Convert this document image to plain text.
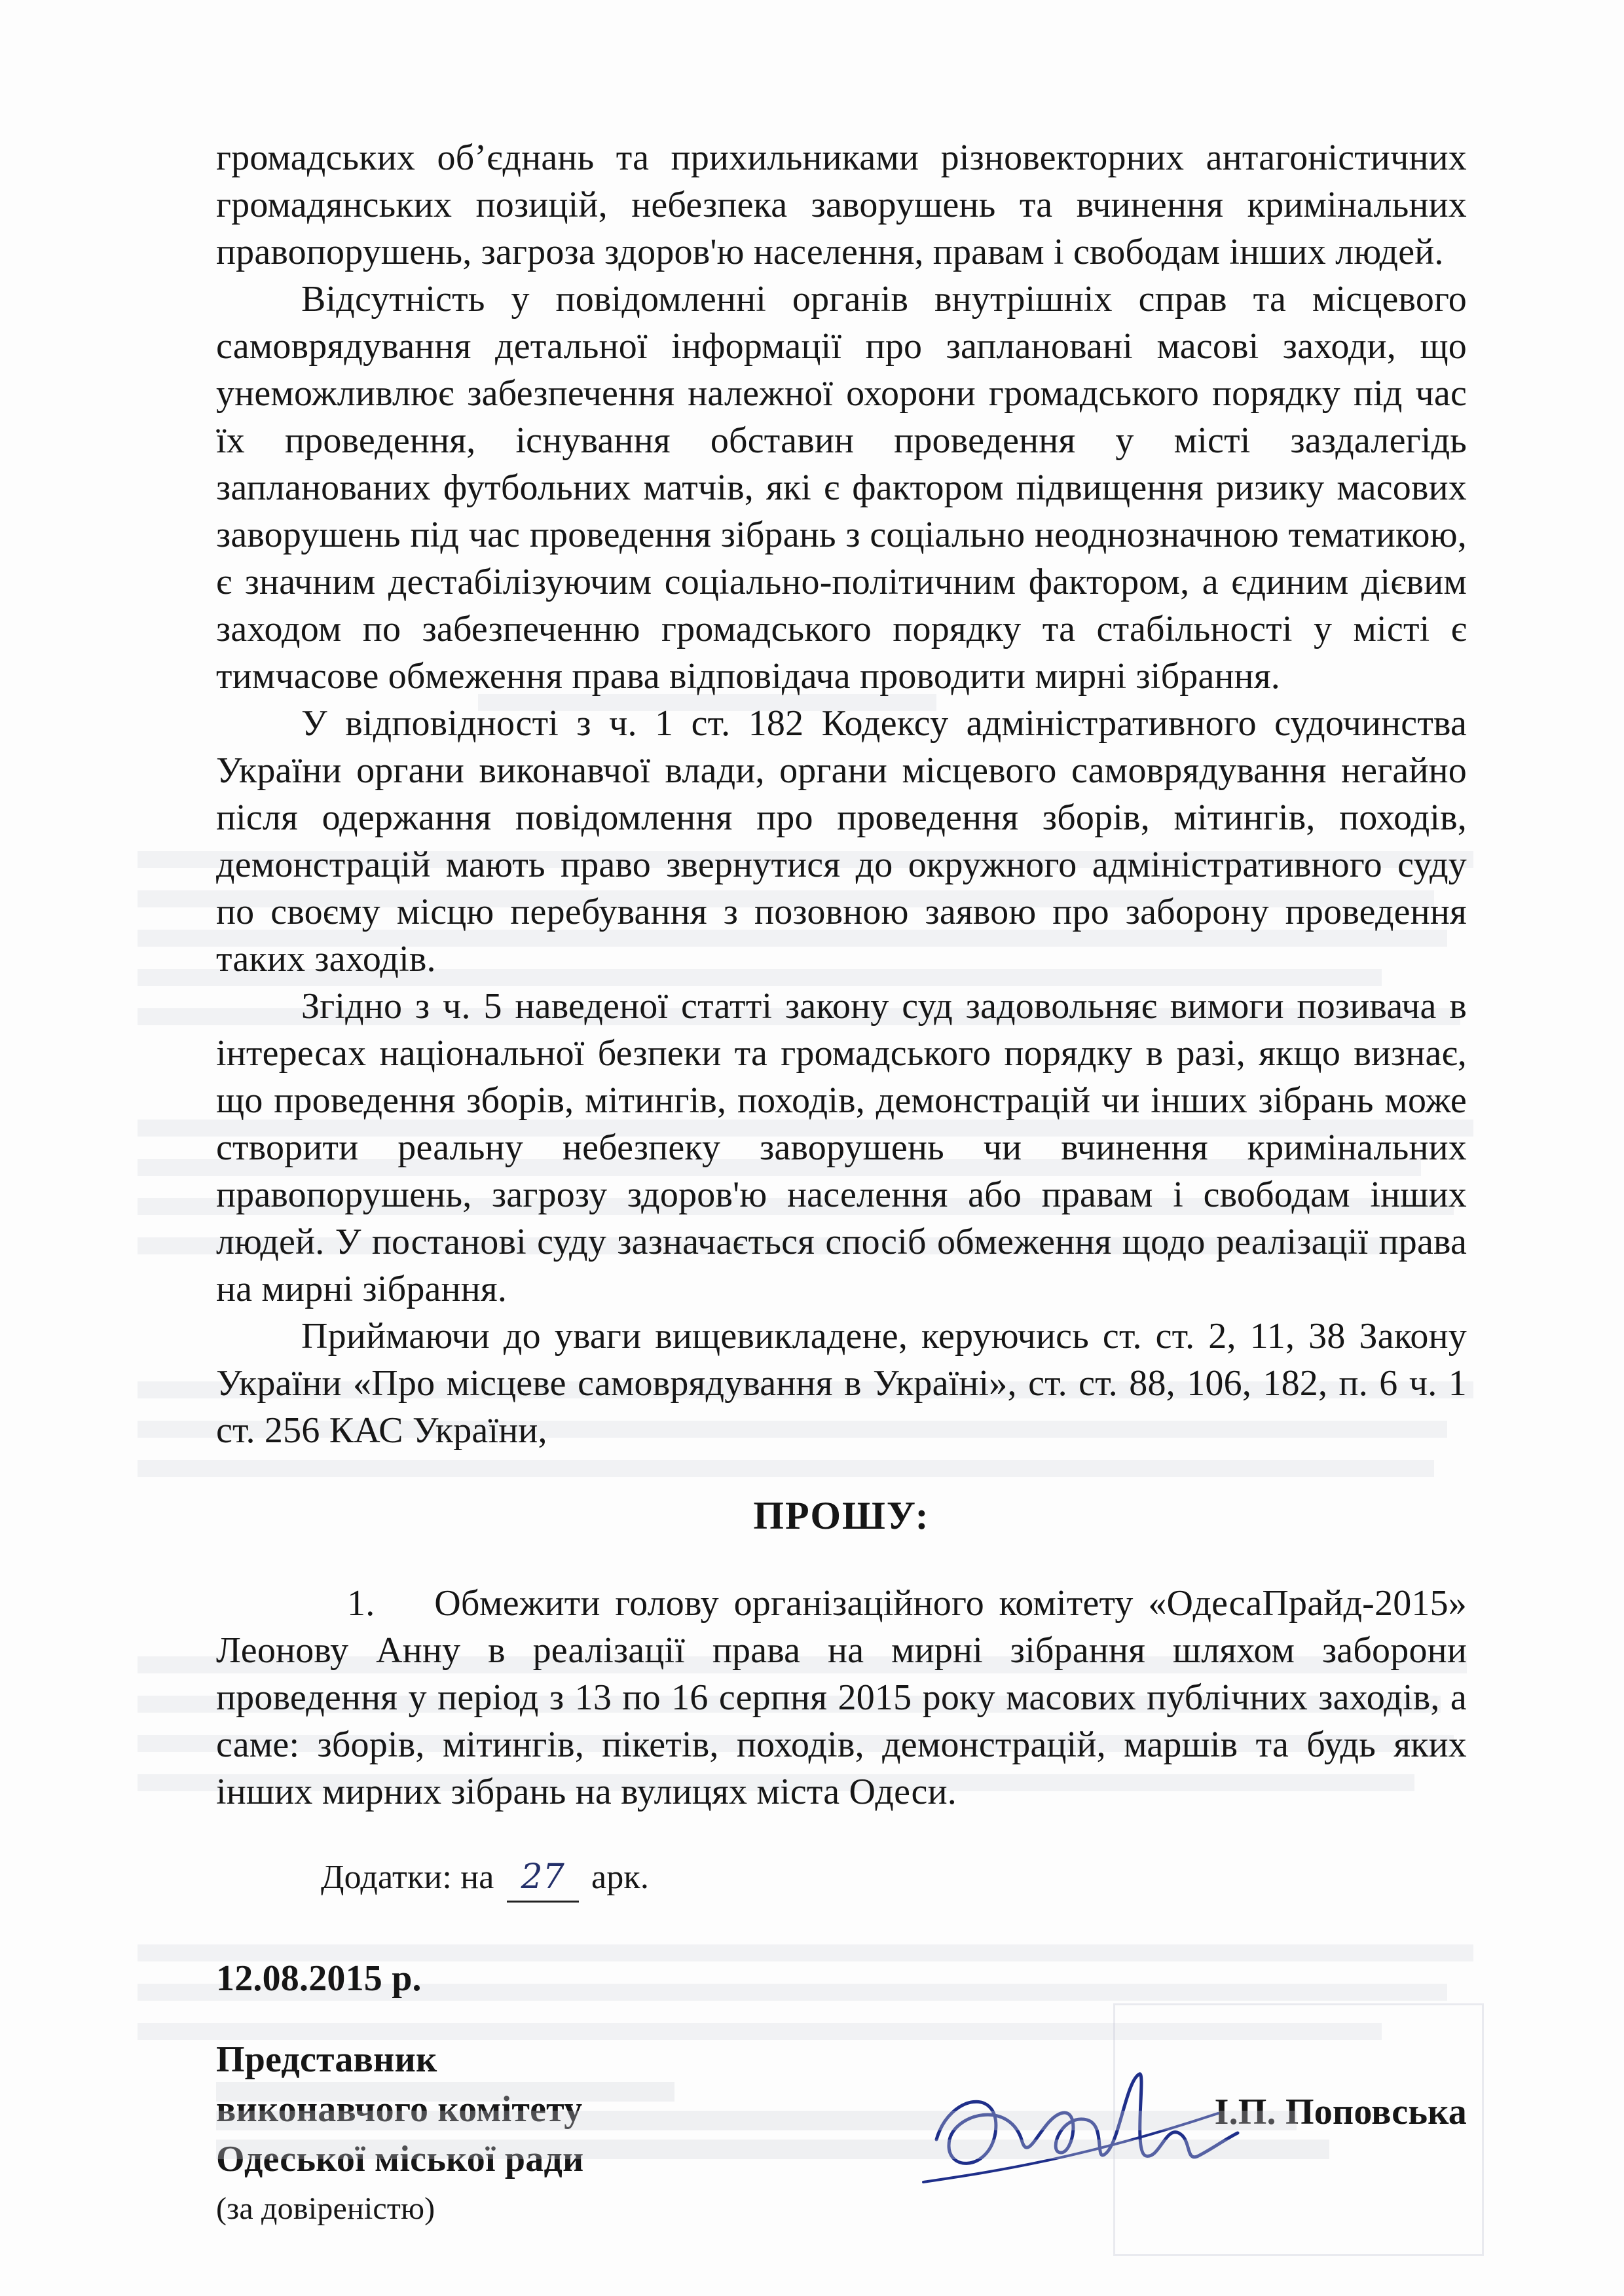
громадських об’єднань та прихильниками різновекторних антагоністичних громадянських позицій, небезпека заворушень та вчинення кримінальних правопорушень, загроза здоров'ю населення, правам і свободам інших людей.

Відсутність у повідомленні органів внутрішніх справ та місцевого самоврядування детальної інформації про заплановані масові заходи, що унеможливлює забезпечення належної охорони громадського порядку під час їх проведення, існування обставин проведення у місті заздалегідь запланованих футбольних матчів, які є фактором підвищення ризику масових заворушень під час проведення зібрань з соціально неоднозначною тематикою, є значним дестабілізуючим соціально-політичним фактором, а єдиним дієвим заходом по забезпеченню громадського порядку та стабільності у місті є тимчасове обмеження права відповідача проводити мирні зібрання.

У відповідності з ч. 1 ст. 182 Кодексу адміністративного судочинства України органи виконавчої влади, органи місцевого самоврядування негайно після одержання повідомлення про проведення зборів, мітингів, походів, демонстрацій мають право звернутися до окружного адміністративного суду по своєму місцю перебування з позовною заявою про заборону проведення таких заходів.

Згідно з ч. 5 наведеної статті закону суд задовольняє вимоги позивача в інтересах національної безпеки та громадського порядку в разі, якщо визнає, що проведення зборів, мітингів, походів, демонстрацій чи інших зібрань може створити реальну небезпеку заворушень чи вчинення кримінальних правопорушень, загрозу здоров'ю населення або правам і свободам інших людей. У постанові суду зазначається спосіб обмеження щодо реалізації права на мирні зібрання.

Приймаючи до уваги вищевикладене, керуючись ст. ст. 2, 11, 38 Закону України «Про місцеве самоврядування в Україні», ст. ст. 88, 106, 182, п. 6 ч. 1 ст. 256 КАС України,

ПРОШУ:

1.    Обмежити голову організаційного комітету «ОдесаПрайд-2015» Леонову Анну в реалізації права на мирні зібрання шляхом заборони проведення у період з 13 по 16 серпня 2015 року масових публічних заходів, а саме: зборів, мітингів, пікетів, походів, демонстрацій, маршів та будь яких інших мирних зібрань на вулицях міста Одеси.

Додатки: на 27 арк.
12.08.2015 р.
Представник
виконавчого комітету
Одеської міської ради
(за довіреністю)
І.П. Поповська
